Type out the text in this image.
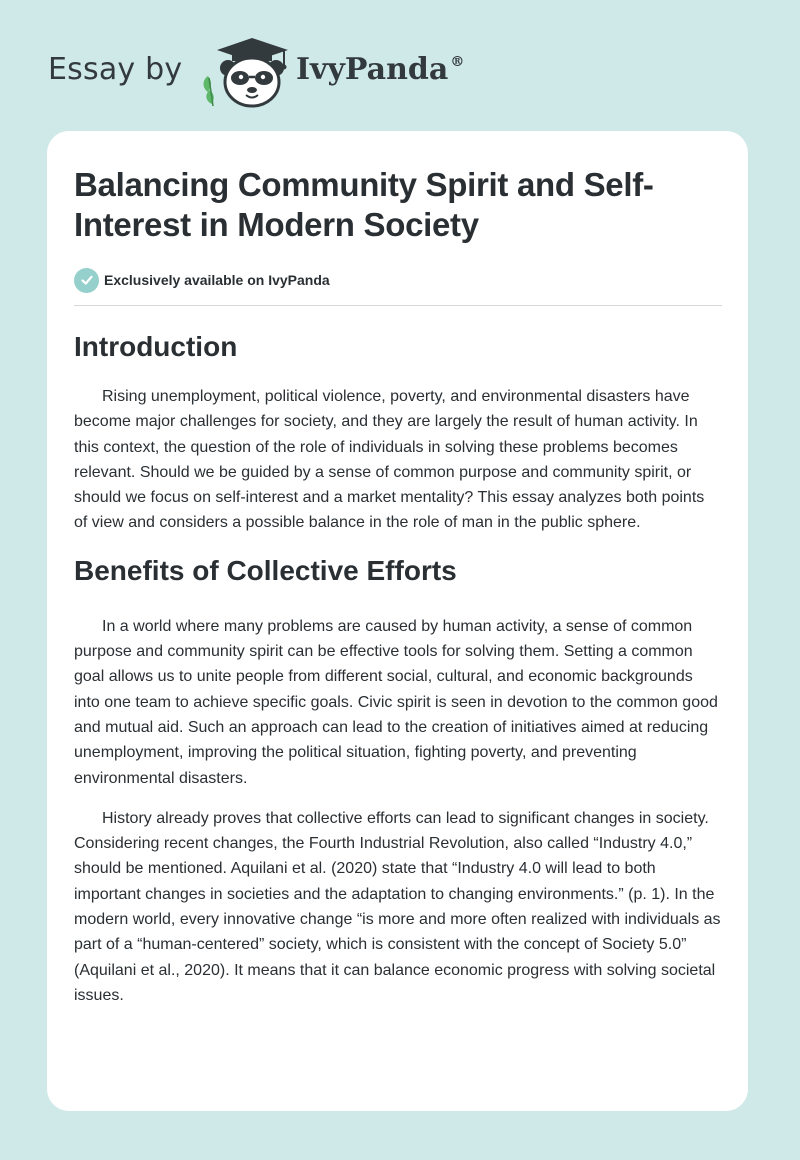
Essay by	IvyPanda ®
Balancing Community Spirit and Self-Interest in Modern Society
Exclusively available on IvyPanda
Introduction

Rising unemployment, political violence, poverty, and environmental disasters have become major challenges for society, and they are largely the result of human activity. In this context, the question of the role of individuals in solving these problems becomes relevant. Should we be guided by a sense of common purpose and community spirit, or should we focus on self-interest and a market mentality? This essay analyzes both points of view and considers a possible balance in the role of man in the public sphere.

Benefits of Collective Efforts

In a world where many problems are caused by human activity, a sense of common purpose and community spirit can be effective tools for solving them. Setting a common goal allows us to unite people from different social, cultural, and economic backgrounds into one team to achieve specific goals. Civic spirit is seen in devotion to the common good and mutual aid. Such an approach can lead to the creation of initiatives aimed at reducing unemployment, improving the political situation, fighting poverty, and preventing environmental disasters.

History already proves that collective efforts can lead to significant changes in society. Considering recent changes, the Fourth Industrial Revolution, also called “Industry 4.0,” should be mentioned. Aquilani et al. (2020) state that “Industry 4.0 will lead to both important changes in societies and the adaptation to changing environments.” (p. 1). In the modern world, every innovative change “is more and more often realized with individuals as part of a “human-centered” society, which is consistent with the concept of Society 5.0” (Aquilani et al., 2020). It means that it can balance economic progress with solving societal issues.
